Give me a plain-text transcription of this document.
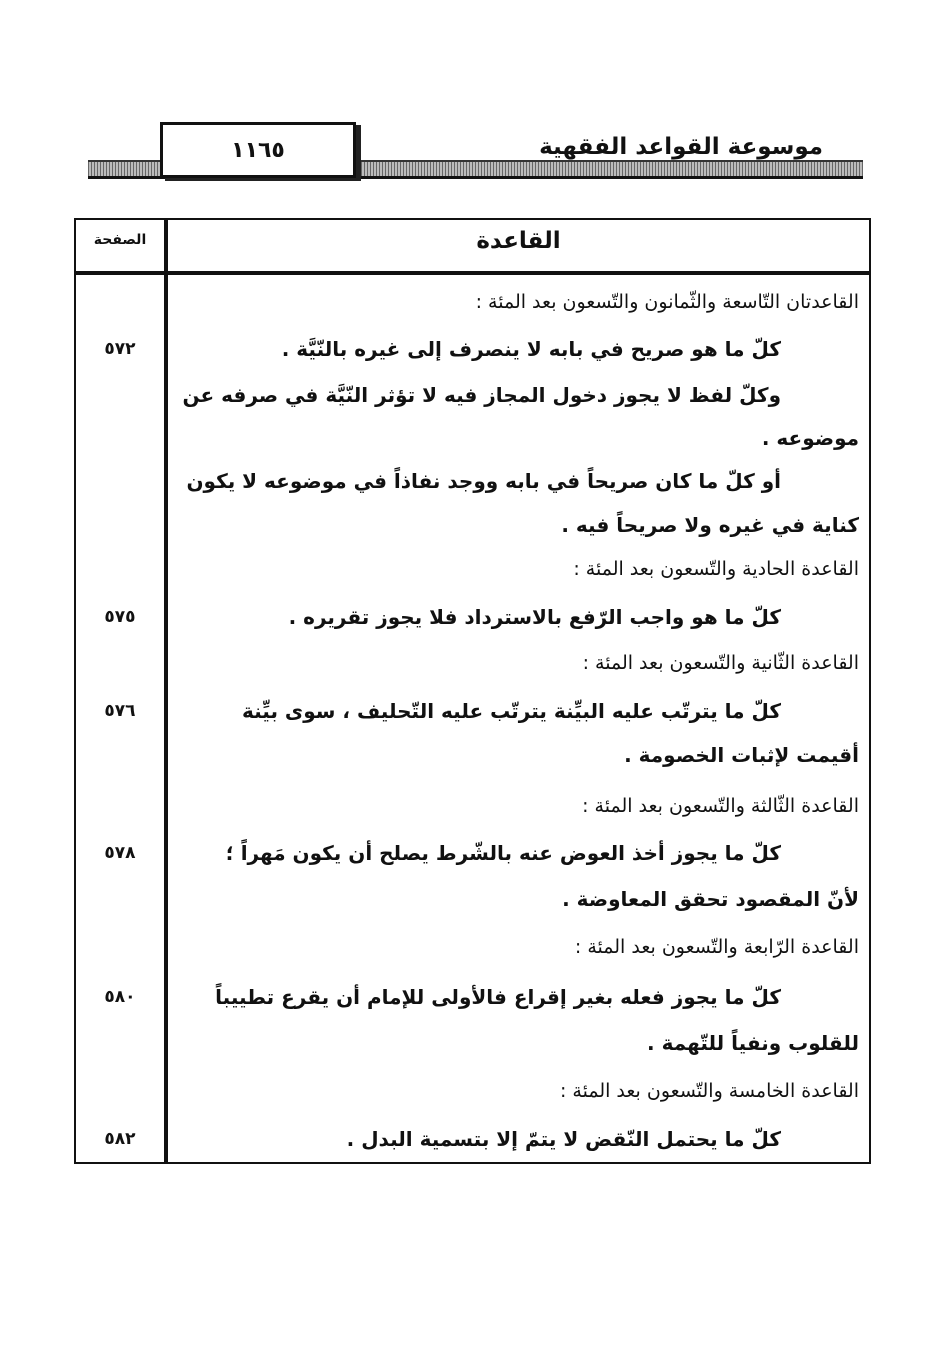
موسوعة القواعد الفقهية
١١٦٥
الصفحة	القاعدة
القاعدتان التّاسعة والثّمانون والتّسعون بعد المئة :
كلّ ما هو صريح في بابه لا ينصرف إلى غيره بالنّيَّة .
٥٧٢
وكلّ لفظ لا يجوز دخول المجاز فيه لا تؤثر النّيَّة في صرفه عن
موضوعه .
أو كلّ ما كان صريحاً في بابه ووجد نفاذاً في موضوعه لا يكون
كناية في غيره ولا صريحاً فيه .
القاعدة الحادية والتّسعون بعد المئة :
كلّ ما هو واجب الرّفع بالاسترداد فلا يجوز تقريره .
٥٧٥
القاعدة الثّانية والتّسعون بعد المئة :
كلّ ما يترتّب عليه البيِّنة يترتّب عليه التّحليف ، سوى بيِّنة
٥٧٦
أقيمت لإثبات الخصومة .
القاعدة الثّالثة والتّسعون بعد المئة :
كلّ ما يجوز أخذ العوض عنه بالشّرط يصلح أن يكون مَهراً ؛
٥٧٨
لأنّ المقصود تحقق المعاوضة .
القاعدة الرّابعة والتّسعون بعد المئة :
كلّ ما يجوز فعله بغير إقراع فالأولى للإمام أن يقرع تطييباً
٥٨٠
للقلوب ونفياً للتّهمة .
القاعدة الخامسة والتّسعون بعد المئة :
كلّ ما يحتمل النّقض لا يتمّ إلا بتسمية البدل .
٥٨٢
